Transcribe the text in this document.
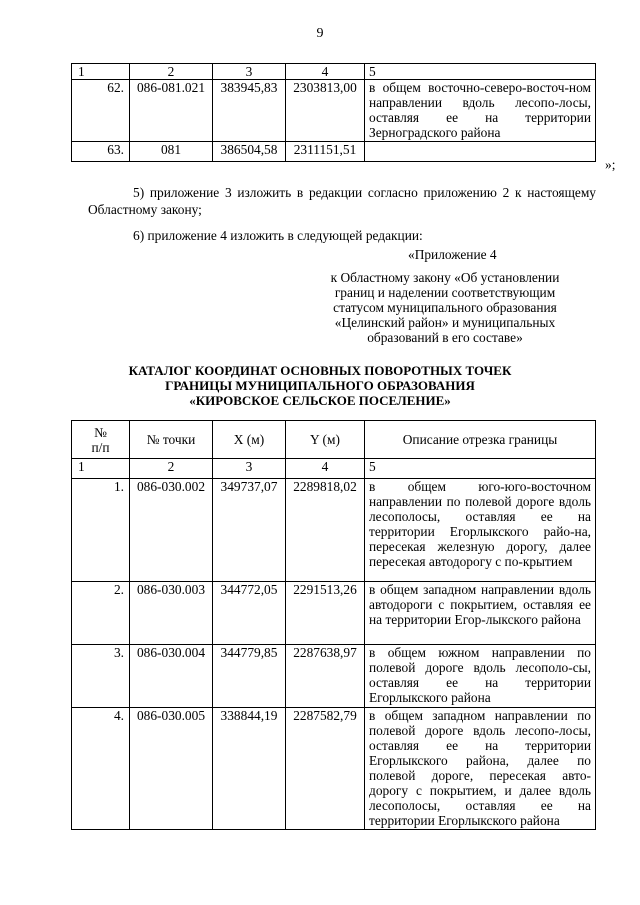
9
1	2	3	4	5
62.	086-081.021	383945,83	2303813,00	в общем восточно-северо-восточ-ном направлении вдоль лесопо-лосы, оставляя ее на территории Зерноградского района
63.	081	386504,58	2311151,51	
»;

5) приложение 3 изложить в редакции согласно приложению 2 к настоящему Областному закону;

6) приложение 4 изложить в следующей редакции:

«Приложение 4
к Областному закону «Об установлении
границ и наделении соответствующим
статусом муниципального образования
«Целинский район» и муниципальных
образований в его составе»
КАТАЛОГ КООРДИНАТ ОСНОВНЫХ ПОВОРОТНЫХ ТОЧЕК
ГРАНИЦЫ МУНИЦИПАЛЬНОГО ОБРАЗОВАНИЯ
«КИРОВСКОЕ СЕЛЬСКОЕ ПОСЕЛЕНИЕ»
№
п/п	№ точки	X (м)	Y (м)	Описание отрезка границы
1	2	3	4	5
1.	086-030.002	349737,07	2289818,02	в общем юго-юго-восточном направлении по полевой дороге вдоль лесополосы, оставляя ее на территории Егорлыкского райо-на, пересекая железную дорогу, далее пересекая автодорогу с по-крытием
2.	086-030.003	344772,05	2291513,26	в общем западном направлении вдоль автодороги с покрытием, оставляя ее на территории Егор-лыкского района
3.	086-030.004	344779,85	2287638,97	в общем южном направлении по полевой дороге вдоль лесополо-сы, оставляя ее на территории Егорлыкского района
4.	086-030.005	338844,19	2287582,79	в общем западном направлении по полевой дороге вдоль лесопо-лосы, оставляя ее на территории Егорлыкского района, далее по полевой дороге, пересекая авто-дорогу с покрытием, и далее вдоль лесополосы, оставляя ее на территории Егорлыкского района
